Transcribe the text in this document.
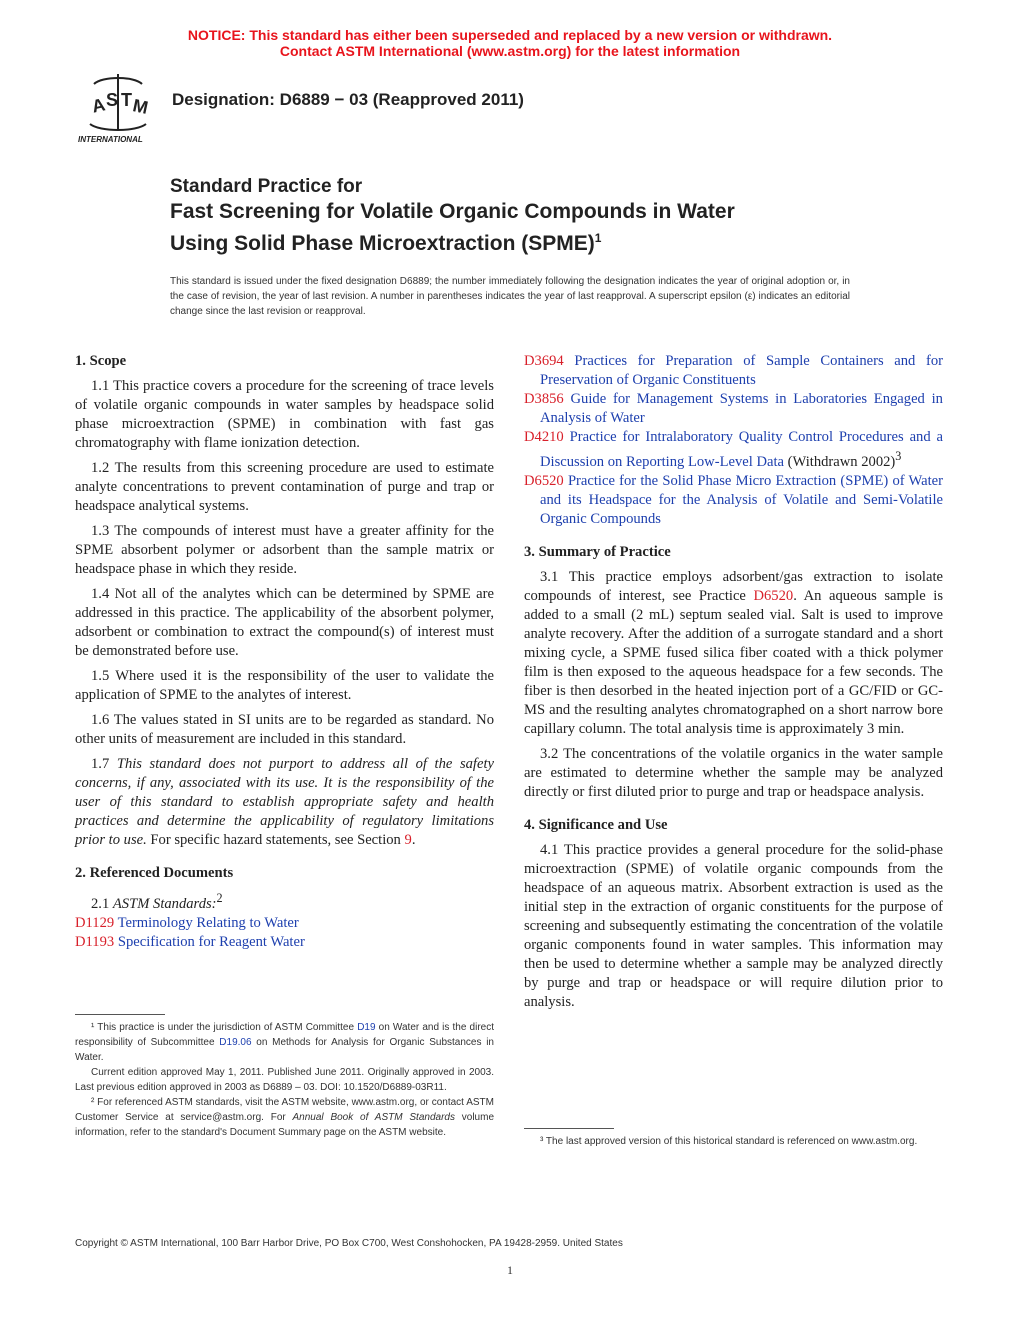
NOTICE: This standard has either been superseded and replaced by a new version or withdrawn.
Contact ASTM International (www.astm.org) for the latest information
A S T M
INTERNATIONAL
Designation: D6889 − 03 (Reapproved 2011)
Standard Practice for
Fast Screening for Volatile Organic Compounds in Water
Using Solid Phase Microextraction (SPME)$^1$
This standard is issued under the fixed designation D6889; the number immediately following the designation indicates the year of original adoption or, in the case of revision, the year of last revision. A number in parentheses indicates the year of last reapproval. A superscript epsilon (ε) indicates an editorial change since the last revision or reapproval.
1. Scope

1.1 This practice covers a procedure for the screening of trace levels of volatile organic compounds in water samples by headspace solid phase microextraction (SPME) in combination with fast gas chromatography with flame ionization detection.

1.2 The results from this screening procedure are used to estimate analyte concentrations to prevent contamination of purge and trap or headspace analytical systems.

1.3 The compounds of interest must have a greater affinity for the SPME absorbent polymer or adsorbent than the sample matrix or headspace phase in which they reside.

1.4 Not all of the analytes which can be determined by SPME are addressed in this practice. The applicability of the absorbent polymer, adsorbent or combination to extract the compound(s) of interest must be demonstrated before use.

1.5 Where used it is the responsibility of the user to validate the application of SPME to the analytes of interest.

1.6 The values stated in SI units are to be regarded as standard. No other units of measurement are included in this standard.

1.7 This standard does not purport to address all of the safety concerns, if any, associated with its use. It is the responsibility of the user of this standard to establish appropriate safety and health practices and determine the applicability of regulatory limitations prior to use. For specific hazard statements, see Section 9.

2. Referenced Documents

2.1 ASTM Standards:$^2$

D1129 Terminology Relating to Water

D1193 Specification for Reagent Water

D3694 Practices for Preparation of Sample Containers and for Preservation of Organic Constituents

D3856 Guide for Management Systems in Laboratories Engaged in Analysis of Water

D4210 Practice for Intralaboratory Quality Control Procedures and a Discussion on Reporting Low-Level Data (Withdrawn 2002)$^3$

D6520 Practice for the Solid Phase Micro Extraction (SPME) of Water and its Headspace for the Analysis of Volatile and Semi-Volatile Organic Compounds

3. Summary of Practice

3.1 This practice employs adsorbent/gas extraction to isolate compounds of interest, see Practice D6520. An aqueous sample is added to a small (2 mL) septum sealed vial. Salt is used to improve analyte recovery. After the addition of a surrogate standard and a short mixing cycle, a SPME fused silica fiber coated with a thick polymer film is then exposed to the aqueous headspace for a few seconds. The fiber is then desorbed in the heated injection port of a GC/FID or GC-MS and the resulting analytes chromatographed on a short narrow bore capillary column. The total analysis time is approximately 3 min.

3.2 The concentrations of the volatile organics in the water sample are estimated to determine whether the sample may be analyzed directly or first diluted prior to purge and trap or headspace analysis.

4. Significance and Use

4.1 This practice provides a general procedure for the solid-phase microextraction (SPME) of volatile organic compounds from the headspace of an aqueous matrix. Absorbent extraction is used as the initial step in the extraction of organic constituents for the purpose of screening and subsequently estimating the concentration of the volatile organic components found in water samples. This information may then be used to determine whether a sample may be analyzed directly by purge and trap or headspace or will require dilution prior to analysis.

¹ This practice is under the jurisdiction of ASTM Committee D19 on Water and is the direct responsibility of Subcommittee D19.06 on Methods for Analysis for Organic Substances in Water.

Current edition approved May 1, 2011. Published June 2011. Originally approved in 2003. Last previous edition approved in 2003 as D6889 – 03. DOI: 10.1520/D6889-03R11.

² For referenced ASTM standards, visit the ASTM website, www.astm.org, or contact ASTM Customer Service at service@astm.org. For Annual Book of ASTM Standards volume information, refer to the standard's Document Summary page on the ASTM website.

³ The last approved version of this historical standard is referenced on www.astm.org.

Copyright © ASTM International, 100 Barr Harbor Drive, PO Box C700, West Conshohocken, PA 19428-2959. United States
1
